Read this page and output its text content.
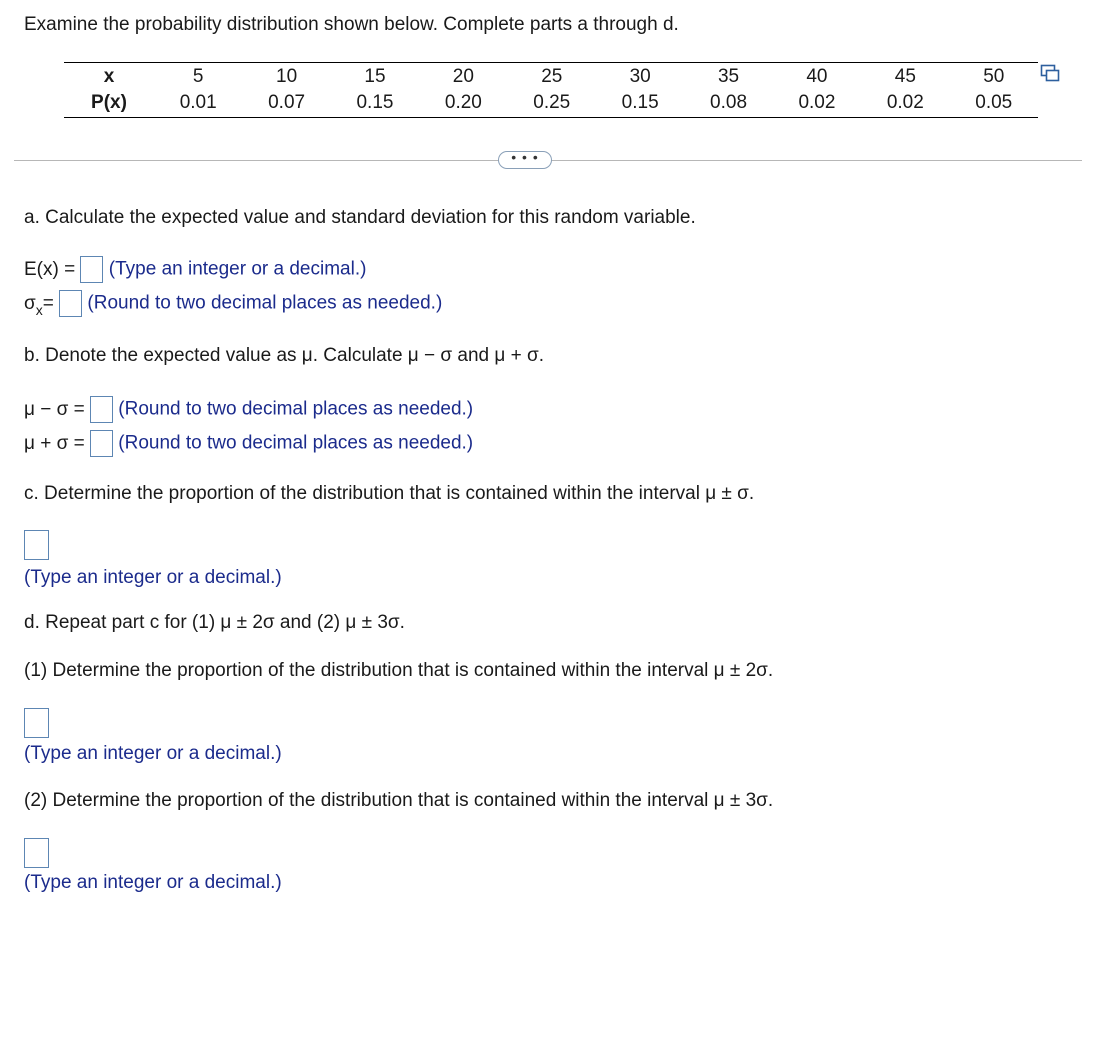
Examine the probability distribution shown below. Complete parts a through d.
x	5	10	15	20	25	30	35	40	45	50
P(x)	0.01	0.07	0.15	0.20	0.25	0.15	0.08	0.02	0.02	0.05
• • •
a. Calculate the expected value and standard deviation for this random variable.
E(x) = (Type an integer or a decimal.)
$\sigma_x=$ (Round to two decimal places as needed.)
b. Denote the expected value as μ. Calculate μ − σ and μ + σ.
μ − σ = (Round to two decimal places as needed.)
μ + σ = (Round to two decimal places as needed.)
c. Determine the proportion of the distribution that is contained within the interval μ ± σ.
(Type an integer or a decimal.)
d. Repeat part c for (1) μ ± 2σ and (2) μ ± 3σ.
(1) Determine the proportion of the distribution that is contained within the interval μ ± 2σ.
(Type an integer or a decimal.)
(2) Determine the proportion of the distribution that is contained within the interval μ ± 3σ.
(Type an integer or a decimal.)
